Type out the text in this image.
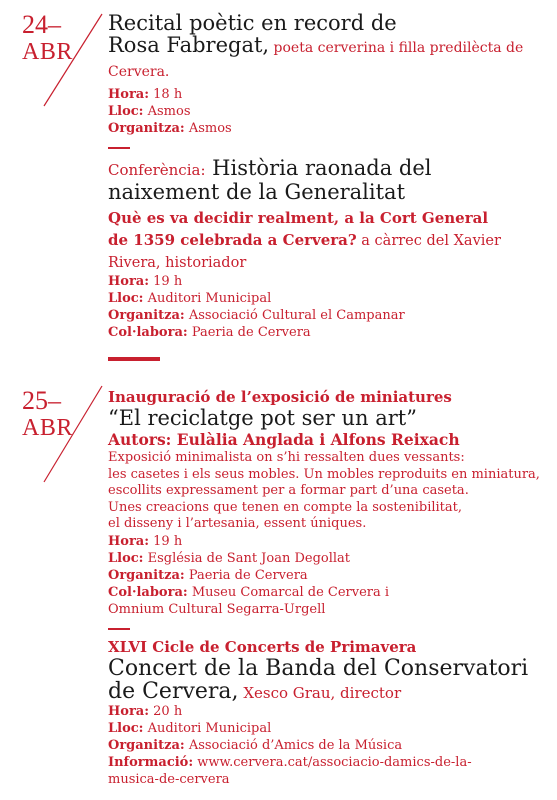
24–
ABR
Recital poètic en record de
Rosa Fabregat, poeta cerverina i filla predilècta de Cervera.
Hora: 18 h
Lloc: Asmos
Organitza: Asmos
Conferència: Història raonada del
naixement de la Generalitat
Què es va decidir realment, a la Cort General
de 1359 celebrada a Cervera? a càrrec del Xavier Rivera, historiador
Hora: 19 h
Lloc: Auditori Municipal
Organitza: Associació Cultural el Campanar
Col·labora: Paeria de Cervera
25–
ABR
Inauguració de l’exposició de miniatures
“El reciclatge pot ser un art”
Autors: Eulàlia Anglada i Alfons Reixach
Exposició minimalista on s’hi ressalten dues vessants:
les casetes i els seus mobles. Un mobles reproduits en miniatura,
escollits expressament per a formar part d’una caseta.
Unes creacions que tenen en compte la sostenibilitat,
el disseny i l’artesania, essent úniques.
Hora: 19 h
Lloc: Església de Sant Joan Degollat
Organitza: Paeria de Cervera
Col·labora: Museu Comarcal de Cervera i
Omnium Cultural Segarra-Urgell
XLVI Cicle de Concerts de Primavera
Concert de la Banda del Conservatori
de Cervera, Xesco Grau, director
Hora: 20 h
Lloc: Auditori Municipal
Organitza: Associació d’Amics de la Música
Informació: www.cervera.cat/associacio-damics-de-la-
musica-de-cervera
